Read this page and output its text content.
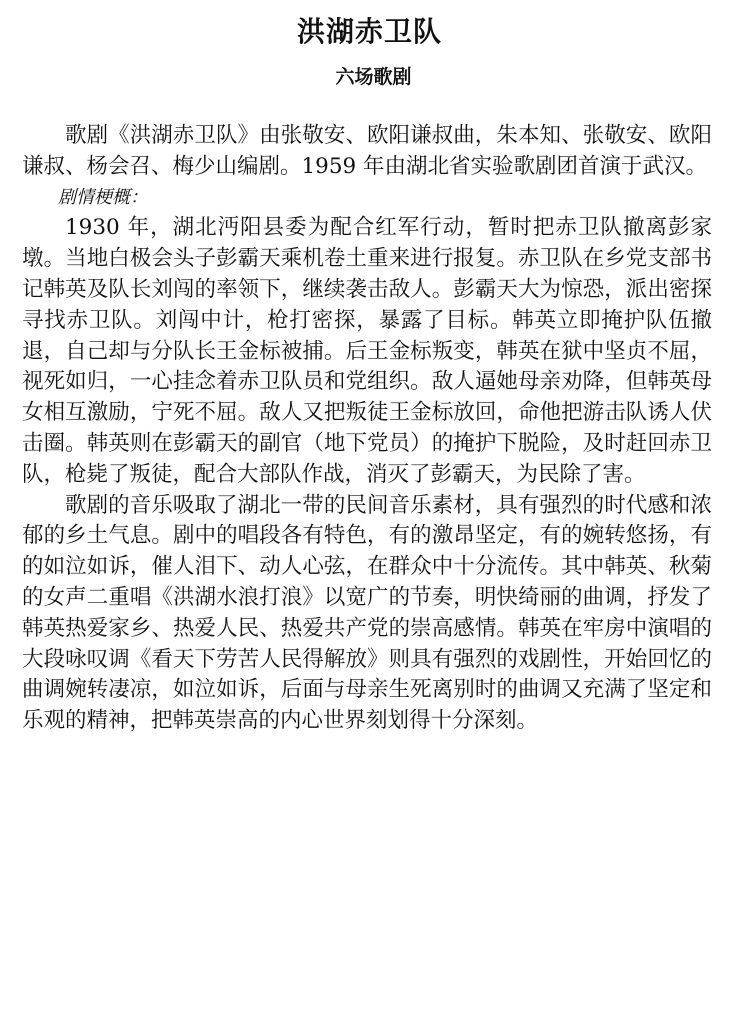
洪湖赤卫队
六场歌剧

歌剧《洪湖赤卫队》由张敬安、欧阳谦叔曲，朱本知、张敬安、欧阳谦叔、杨会召、梅少山编剧。1959 年由湖北省实验歌剧团首演于武汉。

剧情梗概：

1930 年，湖北沔阳县委为配合红军行动，暂时把赤卫队撤离彭家墩。当地白极会头子彭霸天乘机卷土重来进行报复。赤卫队在乡党支部书记韩英及队长刘闯的率领下，继续袭击敌人。彭霸天大为惊恐，派出密探寻找赤卫队。刘闯中计，枪打密探，暴露了目标。韩英立即掩护队伍撤退，自己却与分队长王金标被捕。后王金标叛变，韩英在狱中坚贞不屈，视死如归，一心挂念着赤卫队员和党组织。敌人逼她母亲劝降，但韩英母女相互激励，宁死不屈。敌人又把叛徒王金标放回，命他把游击队诱人伏击圈。韩英则在彭霸天的副官（地下党员）的掩护下脱险，及时赶回赤卫队，枪毙了叛徒，配合大部队作战，消灭了彭霸天，为民除了害。

歌剧的音乐吸取了湖北一带的民间音乐素材，具有强烈的时代感和浓郁的乡土气息。剧中的唱段各有特色，有的激昂坚定，有的婉转悠扬，有的如泣如诉，催人泪下、动人心弦，在群众中十分流传。其中韩英、秋菊的女声二重唱《洪湖水浪打浪》以宽广的节奏，明快绮丽的曲调，抒发了韩英热爱家乡、热爱人民、热爱共产党的崇高感情。韩英在牢房中演唱的大段咏叹调《看天下劳苦人民得解放》则具有强烈的戏剧性，开始回忆的曲调婉转凄凉，如泣如诉，后面与母亲生死离别时的曲调又充满了坚定和乐观的精神，把韩英崇高的内心世界刻划得十分深刻。
